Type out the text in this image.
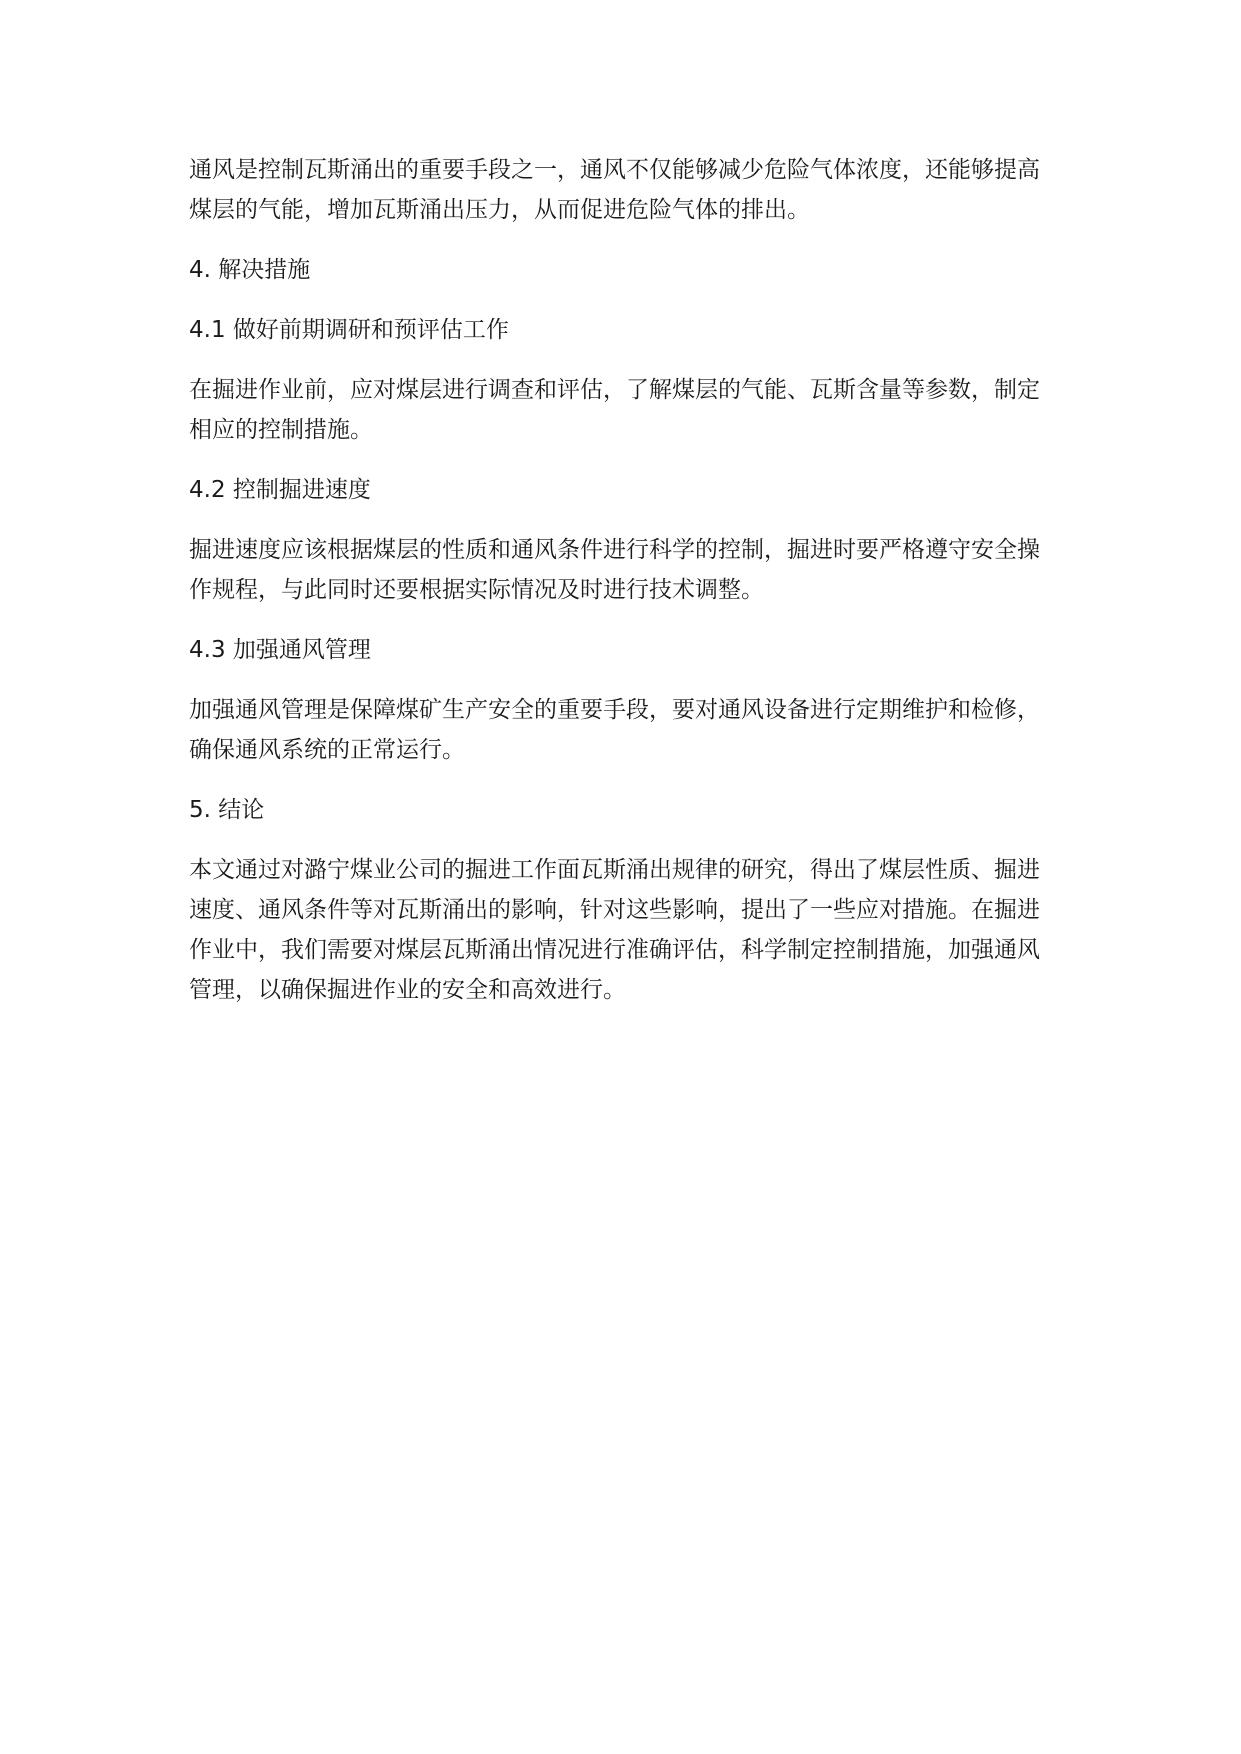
通风是控制瓦斯涌出的重要手段之一，通风不仅能够减少危险气体浓度，还能够提高煤层的气能，增加瓦斯涌出压力，从而促进危险气体的排出。

4. 解决措施

4.1 做好前期调研和预评估工作

在掘进作业前，应对煤层进行调查和评估，了解煤层的气能、瓦斯含量等参数，制定相应的控制措施。

4.2 控制掘进速度

掘进速度应该根据煤层的性质和通风条件进行科学的控制，掘进时要严格遵守安全操作规程，与此同时还要根据实际情况及时进行技术调整。

4.3 加强通风管理

加强通风管理是保障煤矿生产安全的重要手段，要对通风设备进行定期维护和检修，确保通风系统的正常运行。

5. 结论

本文通过对潞宁煤业公司的掘进工作面瓦斯涌出规律的研究，得出了煤层性质、掘进速度、通风条件等对瓦斯涌出的影响，针对这些影响，提出了一些应对措施。在掘进作业中，我们需要对煤层瓦斯涌出情况进行准确评估，科学制定控制措施，加强通风管理，以确保掘进作业的安全和高效进行。
